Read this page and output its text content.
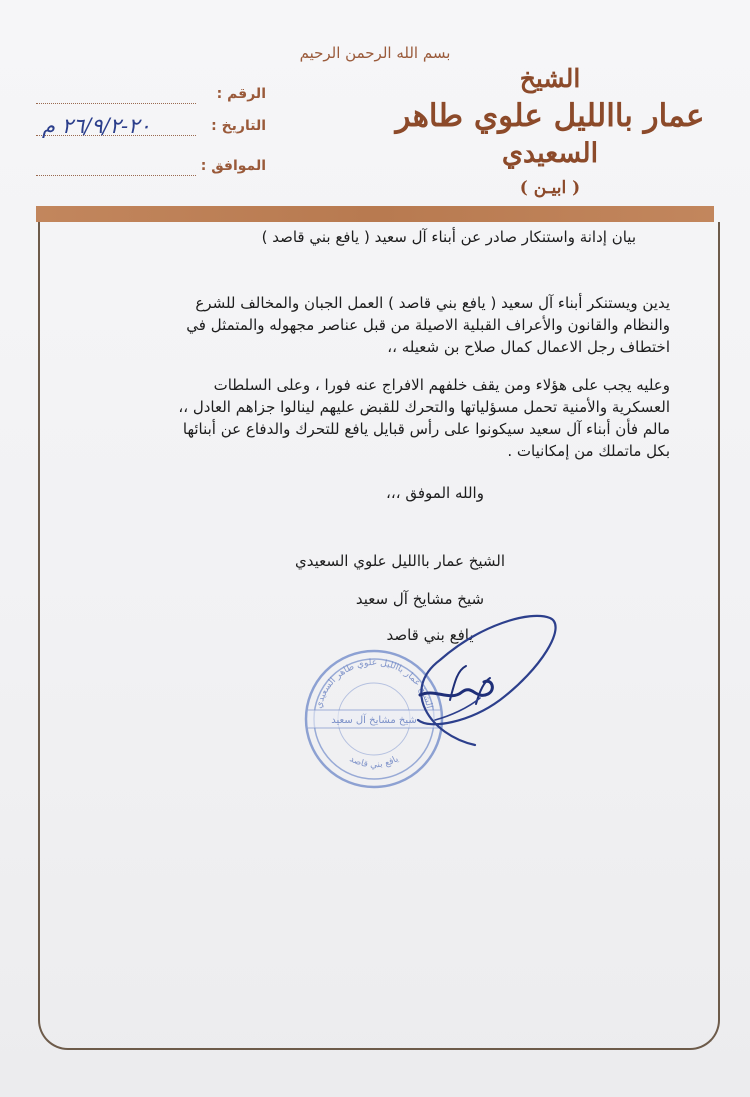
بسم الله الرحمن الرحيم
الشيخ
عمار باالليل علوي طاهر
السعيدي
( ابيـن )
الرقم :
التاريخ :
٢٠-٢٦/٩/٢ م
الموافق :
بيان إدانة واستنكار صادر عن أبناء آل سعيد ( يافع بني قاصد )

يدين ويستنكر أبناء آل سعيد ( يافع بني قاصد ) العمل الجبان والمخالف للشرع

والنظام والقانون والأعراف القبلية الاصيلة من قبل عناصر مجهوله والمتمثل في

اختطاف رجل الاعمال كمال صلاح بن شعيله ،،

وعليه يجب على هؤلاء ومن يقف خلفهم الافراج عنه فورا ، وعلى السلطات

العسكرية والأمنية تحمل مسؤلياتها والتحرك للقبض عليهم لينالوا جزاهم العادل ،،

مالم فأن أبناء آل سعيد سيكونوا على رأس قبايل يافع للتحرك والدفاع عن أبنائها

بكل ماتملك من إمكانيات .

والله الموفق ،،،
الشيخ عمار باالليل علوي السعيدي
شيخ مشايخ آل سعيد
يافع بني قاصد
الشيخ عمار باالليل علوي طاهر السعيدي
شيخ مشايخ آل سعيد
يافع بني قاصد
